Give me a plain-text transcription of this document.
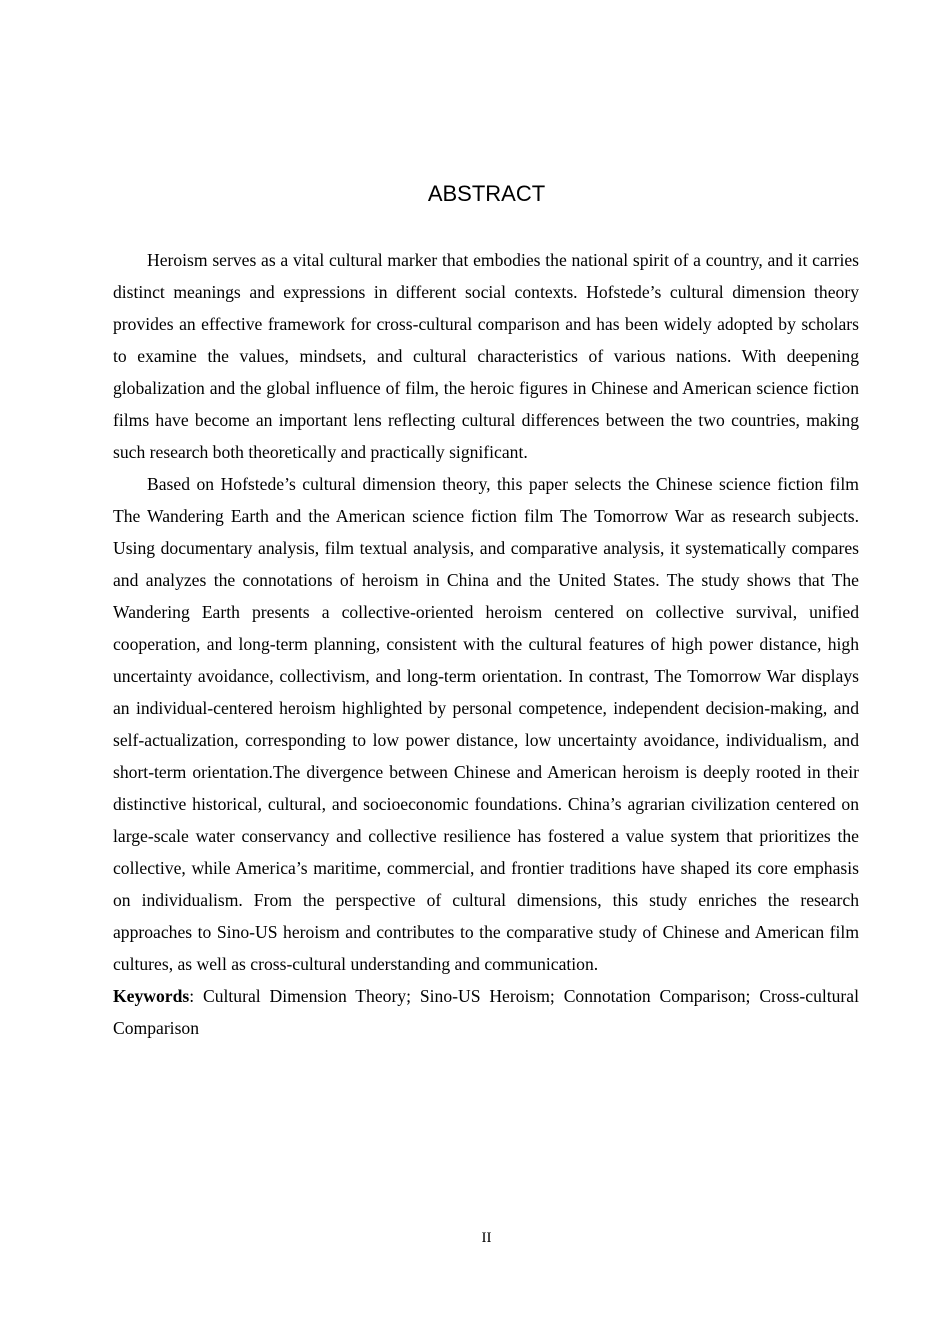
ABSTRACT

Heroism serves as a vital cultural marker that embodies the national spirit of a country, and it carries distinct meanings and expressions in different social contexts. Hofstede’s cultural dimension theory provides an effective framework for cross-cultural comparison and has been widely adopted by scholars to examine the values, mindsets, and cultural characteristics of various nations. With deepening globalization and the global influence of film, the heroic figures in Chinese and American science fiction films have become an important lens reflecting cultural differences between the two countries, making such research both theoretically and practically significant.

Based on Hofstede’s cultural dimension theory, this paper selects the Chinese science fiction film The Wandering Earth and the American science fiction film The Tomorrow War as research subjects. Using documentary analysis, film textual analysis, and comparative analysis, it systematically compares and analyzes the connotations of heroism in China and the United States. The study shows that The Wandering Earth presents a collective-oriented heroism centered on collective survival, unified cooperation, and long-term planning, consistent with the cultural features of high power distance, high uncertainty avoidance, collectivism, and long-term orientation. In contrast, The Tomorrow War displays an individual-centered heroism highlighted by personal competence, independent decision-making, and self-actualization, corresponding to low power distance, low uncertainty avoidance, individualism, and short-term orientation.The divergence between Chinese and American heroism is deeply rooted in their distinctive historical, cultural, and socioeconomic foundations. China’s agrarian civilization centered on large-scale water conservancy and collective resilience has fostered a value system that prioritizes the collective, while America’s maritime, commercial, and frontier traditions have shaped its core emphasis on individualism. From the perspective of cultural dimensions, this study enriches the research approaches to Sino-US heroism and contributes to the comparative study of Chinese and American film cultures, as well as cross-cultural understanding and communication.

Keywords: Cultural Dimension Theory; Sino-US Heroism; Connotation Comparison; Cross-cultural Comparison

II
